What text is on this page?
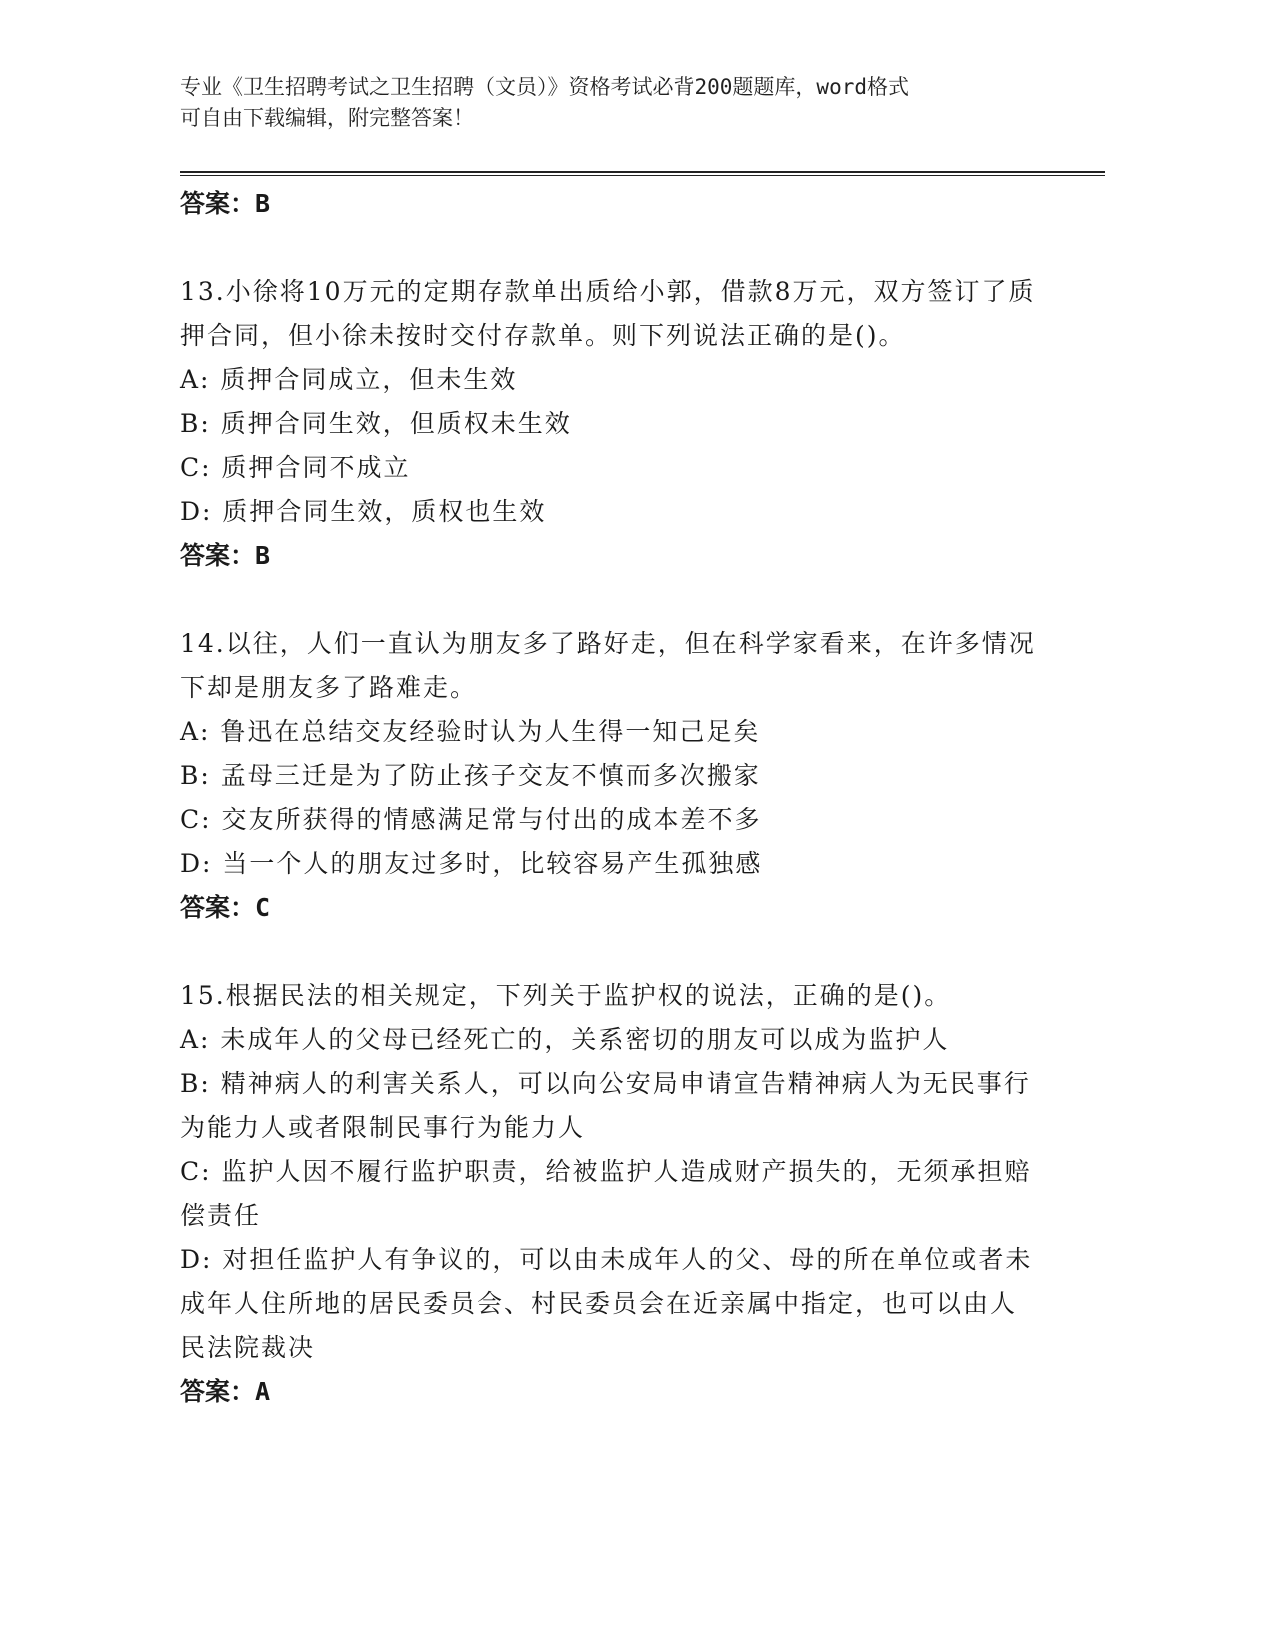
专业《卫生招聘考试之卫生招聘（文员）》资格考试必背200题题库，word格式
可自由下载编辑，附完整答案！
答案：B
13.小徐将10万元的定期存款单出质给小郭，借款8万元，双方签订了质押合同，但小徐未按时交付存款单。则下列说法正确的是()。
A: 质押合同成立，但未生效
B: 质押合同生效，但质权未生效
C: 质押合同不成立
D: 质押合同生效，质权也生效
答案：B
14.以往，人们一直认为朋友多了路好走，但在科学家看来，在许多情况下却是朋友多了路难走。
A: 鲁迅在总结交友经验时认为人生得一知己足矣
B: 孟母三迁是为了防止孩子交友不慎而多次搬家
C: 交友所获得的情感满足常与付出的成本差不多
D: 当一个人的朋友过多时，比较容易产生孤独感
答案：C
15.根据民法的相关规定，下列关于监护权的说法，正确的是()。
A: 未成年人的父母已经死亡的，关系密切的朋友可以成为监护人
B: 精神病人的利害关系人，可以向公安局申请宣告精神病人为无民事行为能力人或者限制民事行为能力人
C: 监护人因不履行监护职责，给被监护人造成财产损失的，无须承担赔偿责任
D: 对担任监护人有争议的，可以由未成年人的父、母的所在单位或者未成年人住所地的居民委员会、村民委员会在近亲属中指定，也可以由人民法院裁决
答案：A
